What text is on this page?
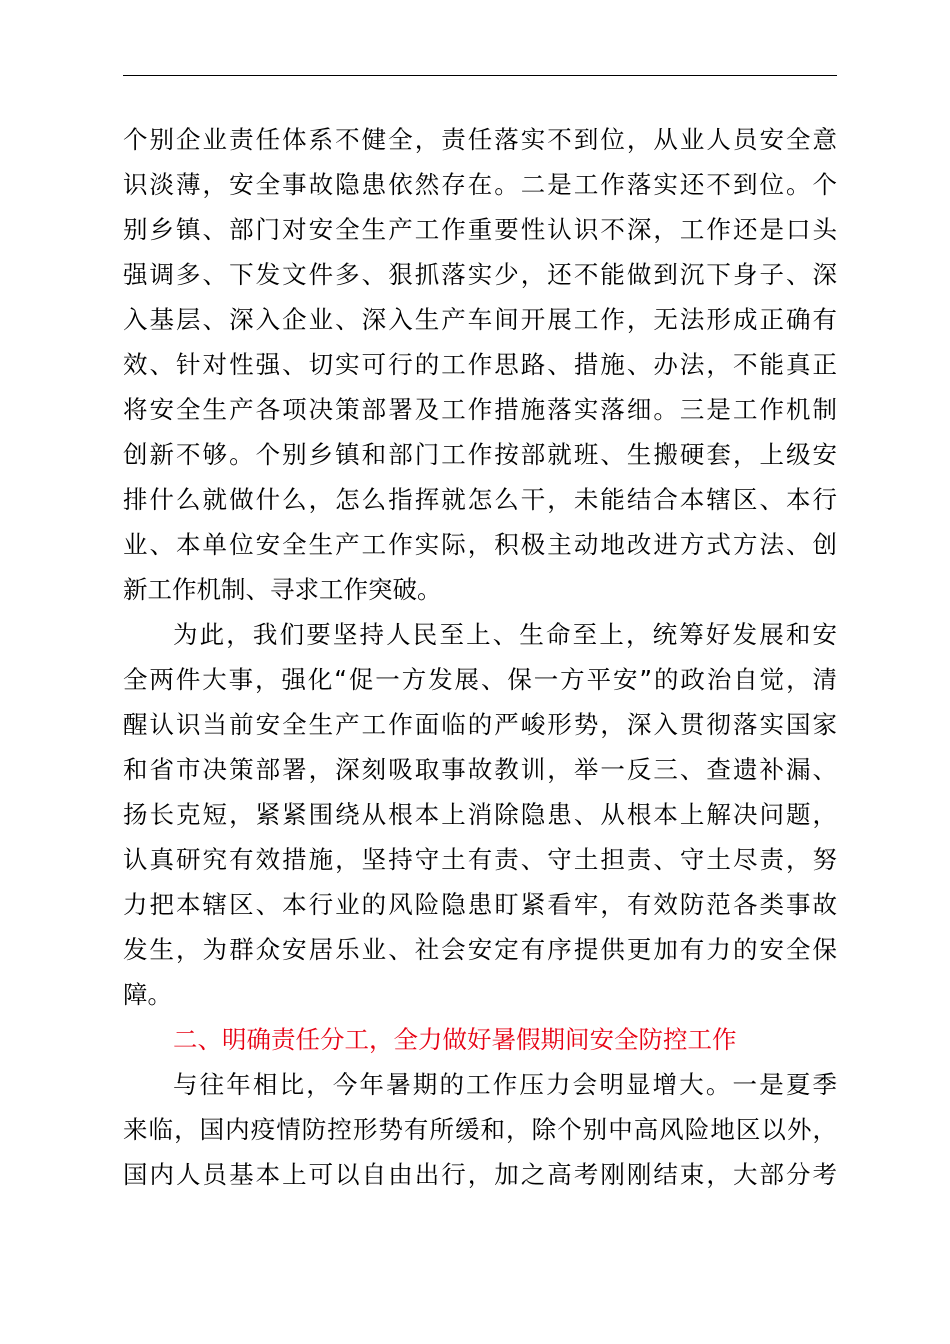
个别企业责任体系不健全，责任落实不到位，从业人员安全意
识淡薄，安全事故隐患依然存在。二是工作落实还不到位。个
别乡镇、部门对安全生产工作重要性认识不深，工作还是口头
强调多、下发文件多、狠抓落实少，还不能做到沉下身子、深
入基层、深入企业、深入生产车间开展工作，无法形成正确有
效、针对性强、切实可行的工作思路、措施、办法，不能真正
将安全生产各项决策部署及工作措施落实落细。三是工作机制
创新不够。个别乡镇和部门工作按部就班、生搬硬套，上级安
排什么就做什么，怎么指挥就怎么干，未能结合本辖区、本行
业、本单位安全生产工作实际，积极主动地改进方式方法、创
新工作机制、寻求工作突破。
为此，我们要坚持人民至上、生命至上，统筹好发展和安
全两件大事，强化“促一方发展、保一方平安”的政治自觉，清
醒认识当前安全生产工作面临的严峻形势，深入贯彻落实国家
和省市决策部署，深刻吸取事故教训，举一反三、查遗补漏、
扬长克短，紧紧围绕从根本上消除隐患、从根本上解决问题，
认真研究有效措施，坚持守土有责、守土担责、守土尽责，努
力把本辖区、本行业的风险隐患盯紧看牢，有效防范各类事故
发生，为群众安居乐业、社会安定有序提供更加有力的安全保
障。
二、明确责任分工，全力做好暑假期间安全防控工作
与往年相比，今年暑期的工作压力会明显增大。一是夏季
来临，国内疫情防控形势有所缓和，除个别中高风险地区以外，
国内人员基本上可以自由出行，加之高考刚刚结束，大部分考
